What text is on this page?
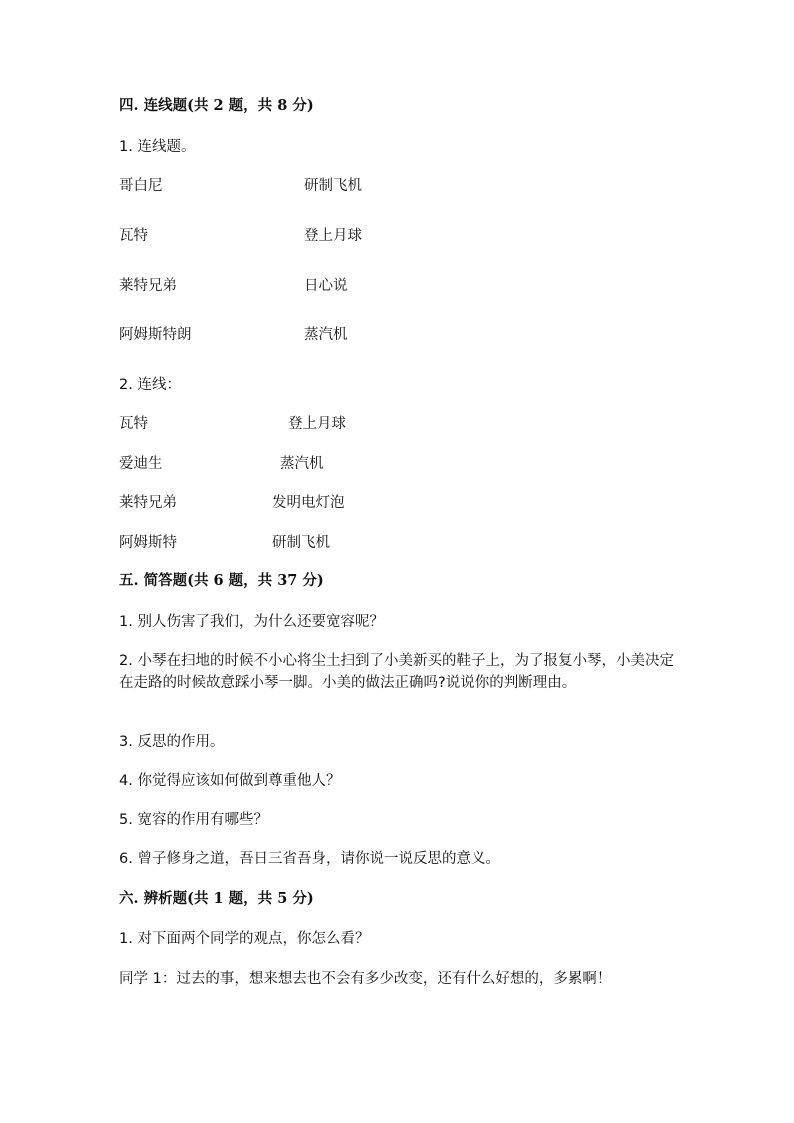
四. 连线题(共 2 题，共 8 分)
1. 连线题。
哥白尼	研制飞机
瓦特	登上月球
莱特兄弟	日心说
阿姆斯特朗	蒸汽机
2. 连线：
瓦特	登上月球
爱迪生	蒸汽机
莱特兄弟	发明电灯泡
阿姆斯特	研制飞机
五. 简答题(共 6 题，共 37 分)
1. 别人伤害了我们，为什么还要宽容呢？
2. 小琴在扫地的时候不小心将尘土扫到了小美新买的鞋子上，为了报复小琴，小美决定在走路的时候故意踩小琴一脚。小美的做法正确吗?说说你的判断理由。
3. 反思的作用。
4. 你觉得应该如何做到尊重他人？
5. 宽容的作用有哪些？
6. 曾子修身之道，吾日三省吾身，请你说一说反思的意义。
六. 辨析题(共 1 题，共 5 分)
1. 对下面两个同学的观点，你怎么看？
同学 1：过去的事，想来想去也不会有多少改变，还有什么好想的，多累啊！
